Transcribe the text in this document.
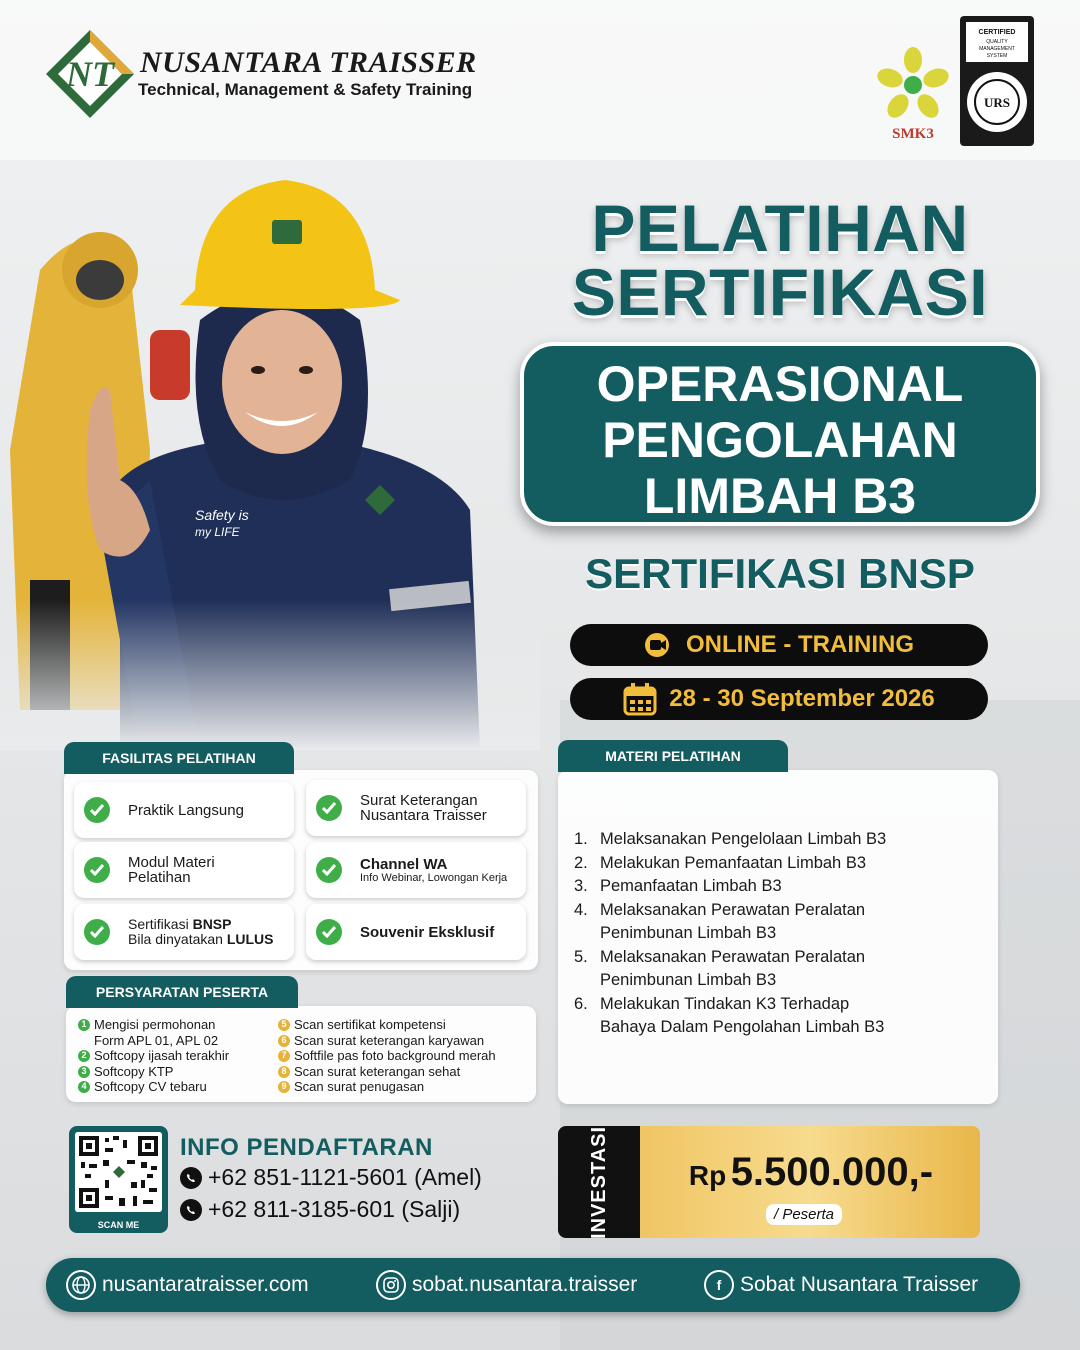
NT NUSANTARA TRAISSER
Technical, Management & Safety Training
SMK3
CERTIFIED
QUALITY
MANAGEMENT
SYSTEM
URS
PELATIHAN
SERTIFIKASI
OPERASIONAL
PENGOLAHAN
LIMBAH B3
SERTIFIKASI BNSP
ONLINE - TRAINING
28 - 30 September 2026
FASILITAS PELATIHAN
Praktik Langsung
Surat Keterangan
Nusantara Traisser
Modul Materi
Pelatihan
Channel WA
Info Webinar, Lowongan Kerja
Sertifikasi BNSP
Bila dinyatakan LULUS	Souvenir Eksklusif
PERSYARATAN PESERTA
1 Mengisi permohonan
Form APL 01, APL 02
2 Softcopy ijasah terakhir
3 Softcopy KTP
4 Softcopy CV tebaru
5 Scan sertifikat kompetensi
6 Scan surat keterangan karyawan
7 Softfile pas foto background merah
8 Scan surat keterangan sehat
9 Scan surat penugasan
MATERI PELATIHAN
1. Melaksanakan Pengelolaan Limbah B3
2. Melakukan Pemanfaatan Limbah B3
3. Pemanfaatan Limbah B3
4. Melaksanakan Perawatan Peralatan
Penimbunan Limbah B3
5. Melaksanakan Perawatan Peralatan
Penimbunan Limbah B3
6. Melakukan Tindakan K3 Terhadap
Bahaya Dalam Pengolahan Limbah B3
SCAN ME
INFO PENDAFTARAN
+62 851-1121-5601 (Amel)
+62 811-3185-601 (Salji)	INVESTASI	Rp 5.500.000,-
/ Peserta
nusantaratraisser.com	sobat.nusantara.traisser	f Sobat Nusantara Traisser
